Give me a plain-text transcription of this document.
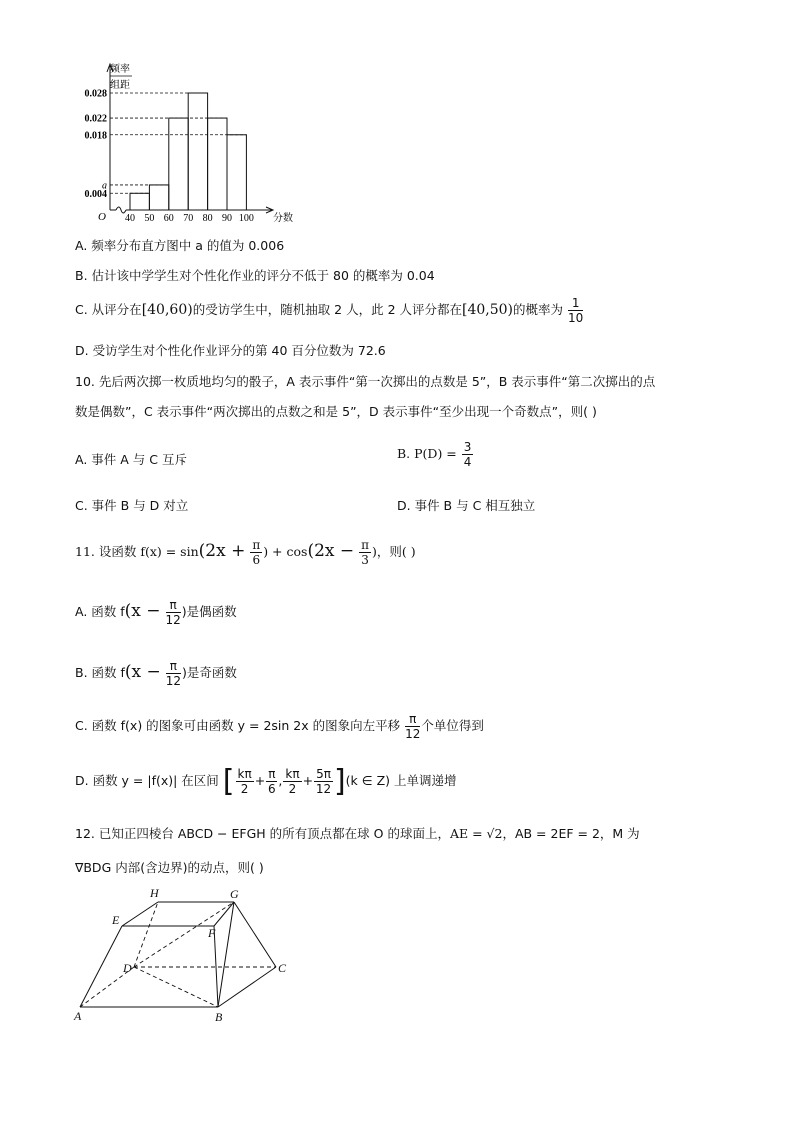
0.028
0.022
0.018
a
0.004
40 50 60 70 80 90 100
频率
组距
分数
O
A. 频率分布直方图中 a 的值为 0.006
B. 估计该中学学生对个性化作业的评分不低于 80 的概率为 0.04
C. 从评分在[40,60)的受访学生中，随机抽取 2 人，此 2 人评分都在[40,50)的概率为 $\frac{1}{10}$
D. 受访学生对个性化作业评分的第 40 百分位数为 72.6
10. 先后两次掷一枚质地均匀的骰子，A 表示事件“第一次掷出的点数是 5”，B 表示事件“第二次掷出的点
数是偶数”，C 表示事件“两次掷出的点数之和是 5”，D 表示事件“至少出现一个奇数点”，则( )
A. 事件 A 与 C 互斥	B. $P(D) = \frac{3}{4}$
C. 事件 B 与 D 对立	D. 事件 B 与 C 相互独立
11. 设函数 $f(x) = \sin(2x + \frac{\pi}{6}$ ) + $\cos(2x - \frac{\pi}{3}$ )，则( )
A. 函数 $f(x - \frac{\pi}{12}$ )是偶函数
B. 函数 $f(x - \frac{\pi}{12}$ )是奇函数
C. 函数 f(x) 的图象可由函数 y = 2sin 2x 的图象向左平移 $\frac{\pi}{12}$ 个单位得到
D. 函数 y = |f(x)| 在区间 [ $\frac{k\pi}{2} + \frac{\pi}{6}$ , $\frac{k\pi}{2} + \frac{5\pi}{12} ](k$ ∈ Z) 上单调递增
12. 已知正四棱台 ABCD − EFGH 的所有顶点都在球 O 的球面上，AE = √2，AB = 2EF = 2，M 为
∇BDG 内部(含边界)的动点，则( )
H	G
E
F
D	C
A	B
